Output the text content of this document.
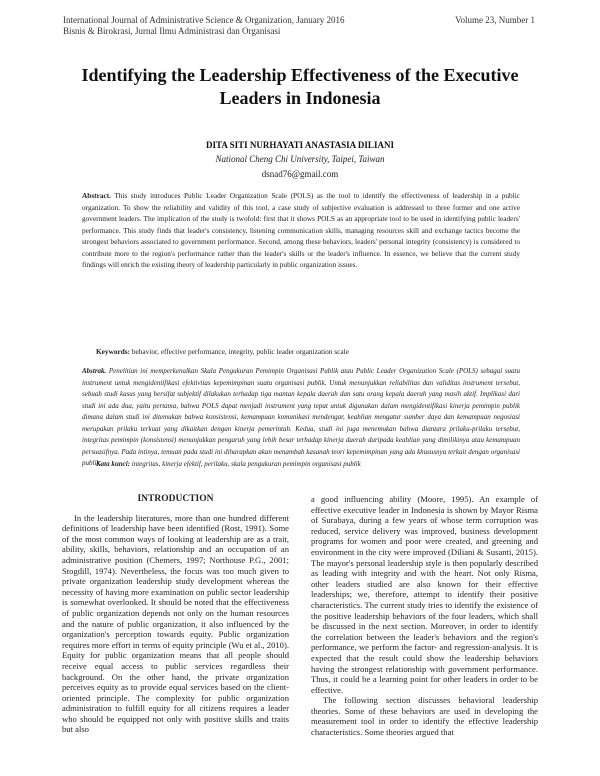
International Journal of Administrative Science & Organization, January 2016
Bisnis & Birokrasi, Jurnal Ilmu Administrasi dan Organisasi
Volume 23, Number 1
Identifying the Leadership Effectiveness of the Executive Leaders in Indonesia
DITA SITI NURHAYATI ANASTASIA DILIANI
National Cheng Chi University, Taipei, Taiwan
dsnad76@gmail.com
Abstract. This study introduces Public Leader Organization Scale (POLS) as the tool to identify the effectiveness of leadership in a public organization. To show the reliability and validity of this tool, a case study of subjective evaluation is addressed to three former and one active government leaders. The implication of the study is twofold: first that it shows POLS as an appropriate tool to be used in identifying public leaders' performance. This study finds that leader's consistency, listening communication skills, managing resources skill and exchange tactics become the strongest behaviors associated to government performance. Second, among these behaviors, leaders' personal integrity (consistency) is considered to contribute more to the region's performance rather than the leader's skills or the leader's influence. In essence, we believe that the current study findings will enrich the existing theory of leadership particularly in public organization issues.
Keywords: behavior, effective performance, integrity, public leader organization scale
Abstrak. Penelitian ini memperkenalkan Skala Pengukuran Pemimpin Organisasi Publik atau Public Leader Organization Scale (POLS) sebagai suatu instrument untuk mengidentifikasi efektivitas kepemimpinan suatu organisasi publik. Untuk menunjukkan reliabilitas dan validitas instrument tersebut, sebuah studi kasus yang bersifat subjektif dilakukan terhadap tiga mantan kepala daerah dan satu orang kepala daerah yang masih aktif. Implikasi dari studi ini ada dua, yaitu pertama, bahwa POLS dapat menjadi instrument yang tepat untuk digunakan dalam mengidentifikasi kinerja pemimpin publik dimana dalam studi ini ditemukan bahwa konsistensi, kemampuan komunikasi mendengar, keahlian mengatur sumber daya dan kemampuan negosiasi merupakan prilaku terkuat yang dikaitkan dengan kinerja pemerintah. Kedua, studi ini juga menemukan bahwa diantara prilaku-prilaku tersebut, integritas pemimpin (konsistensi) menunjukkan pengaruh yang lebih besar terhadap kinerja daerah daripada keahlian yang dimilikinya atau kemampuan persuasifnya. Pada intinya, temuan pada studi ini diharapkan akan menambah kasanah teori kepemimpinan yang ada khususnya terkait dengan organisasi publik.
Kata kunci: integritas, kinerja efektif, perilaku, skala pengukuran pemimpin organisasi publik
INTRODUCTION

In the leadership literatures, more than one hundred different definitions of leadership have been identified (Rost, 1991). Some of the most common ways of looking at leadership are as a trait, ability, skills, behaviors, relationship and an occupation of an administrative position (Chemers, 1997; Northouse P.G., 2001; Stogdill, 1974). Nevertheless, the focus was too much given to private organization leadership study development whereas the necessity of having more examination on public sector leadership is somewhat overlooked. It should be noted that the effectiveness of public organization depends not only on the human resources and the nature of public organization, it also influenced by the organization's perception towards equity. Public organization requires more effort in terms of equity principle (Wu et al., 2010). Equity for public organization means that all people should receive equal access to public services regardless their background. On the other hand, the private organization perceives equity as to provide equal services based on the client-oriented principle. The complexity for public organization administration to fulfill equity for all citizens requires a leader who should be equipped not only with positive skills and traits but also

a good influencing ability (Moore, 1995). An example of effective executive leader in Indonesia is shown by Mayor Risma of Surabaya, during a few years of whose term corruption was reduced, service delivery was improved, business development programs for women and poor were created, and greening and environment in the city were improved (Diliani & Susanti, 2015). The mayor's personal leadership style is then popularly described as leading with integrity and with the heart. Not only Risma, other leaders studied are also known for their effective leaderships; we, therefore, attempt to identify their positive characteristics. The current study tries to identify the existence of the positive leadership behaviors of the four leaders, which shall be discussed in the next section. Moreover, in order to identify the correlation between the leader's behaviors and the region's performance, we perform the factor- and regression-analysis. It is expected that the result could show the leadership behaviors having the strongest relationship with government performance. Thus, it could be a learning point for other leaders in order to be effective.

The following section discusses behavioral leadership theories. Some of these behaviors are used in developing the measurement tool in order to identify the effective leadership characteristics. Some theories argued that
